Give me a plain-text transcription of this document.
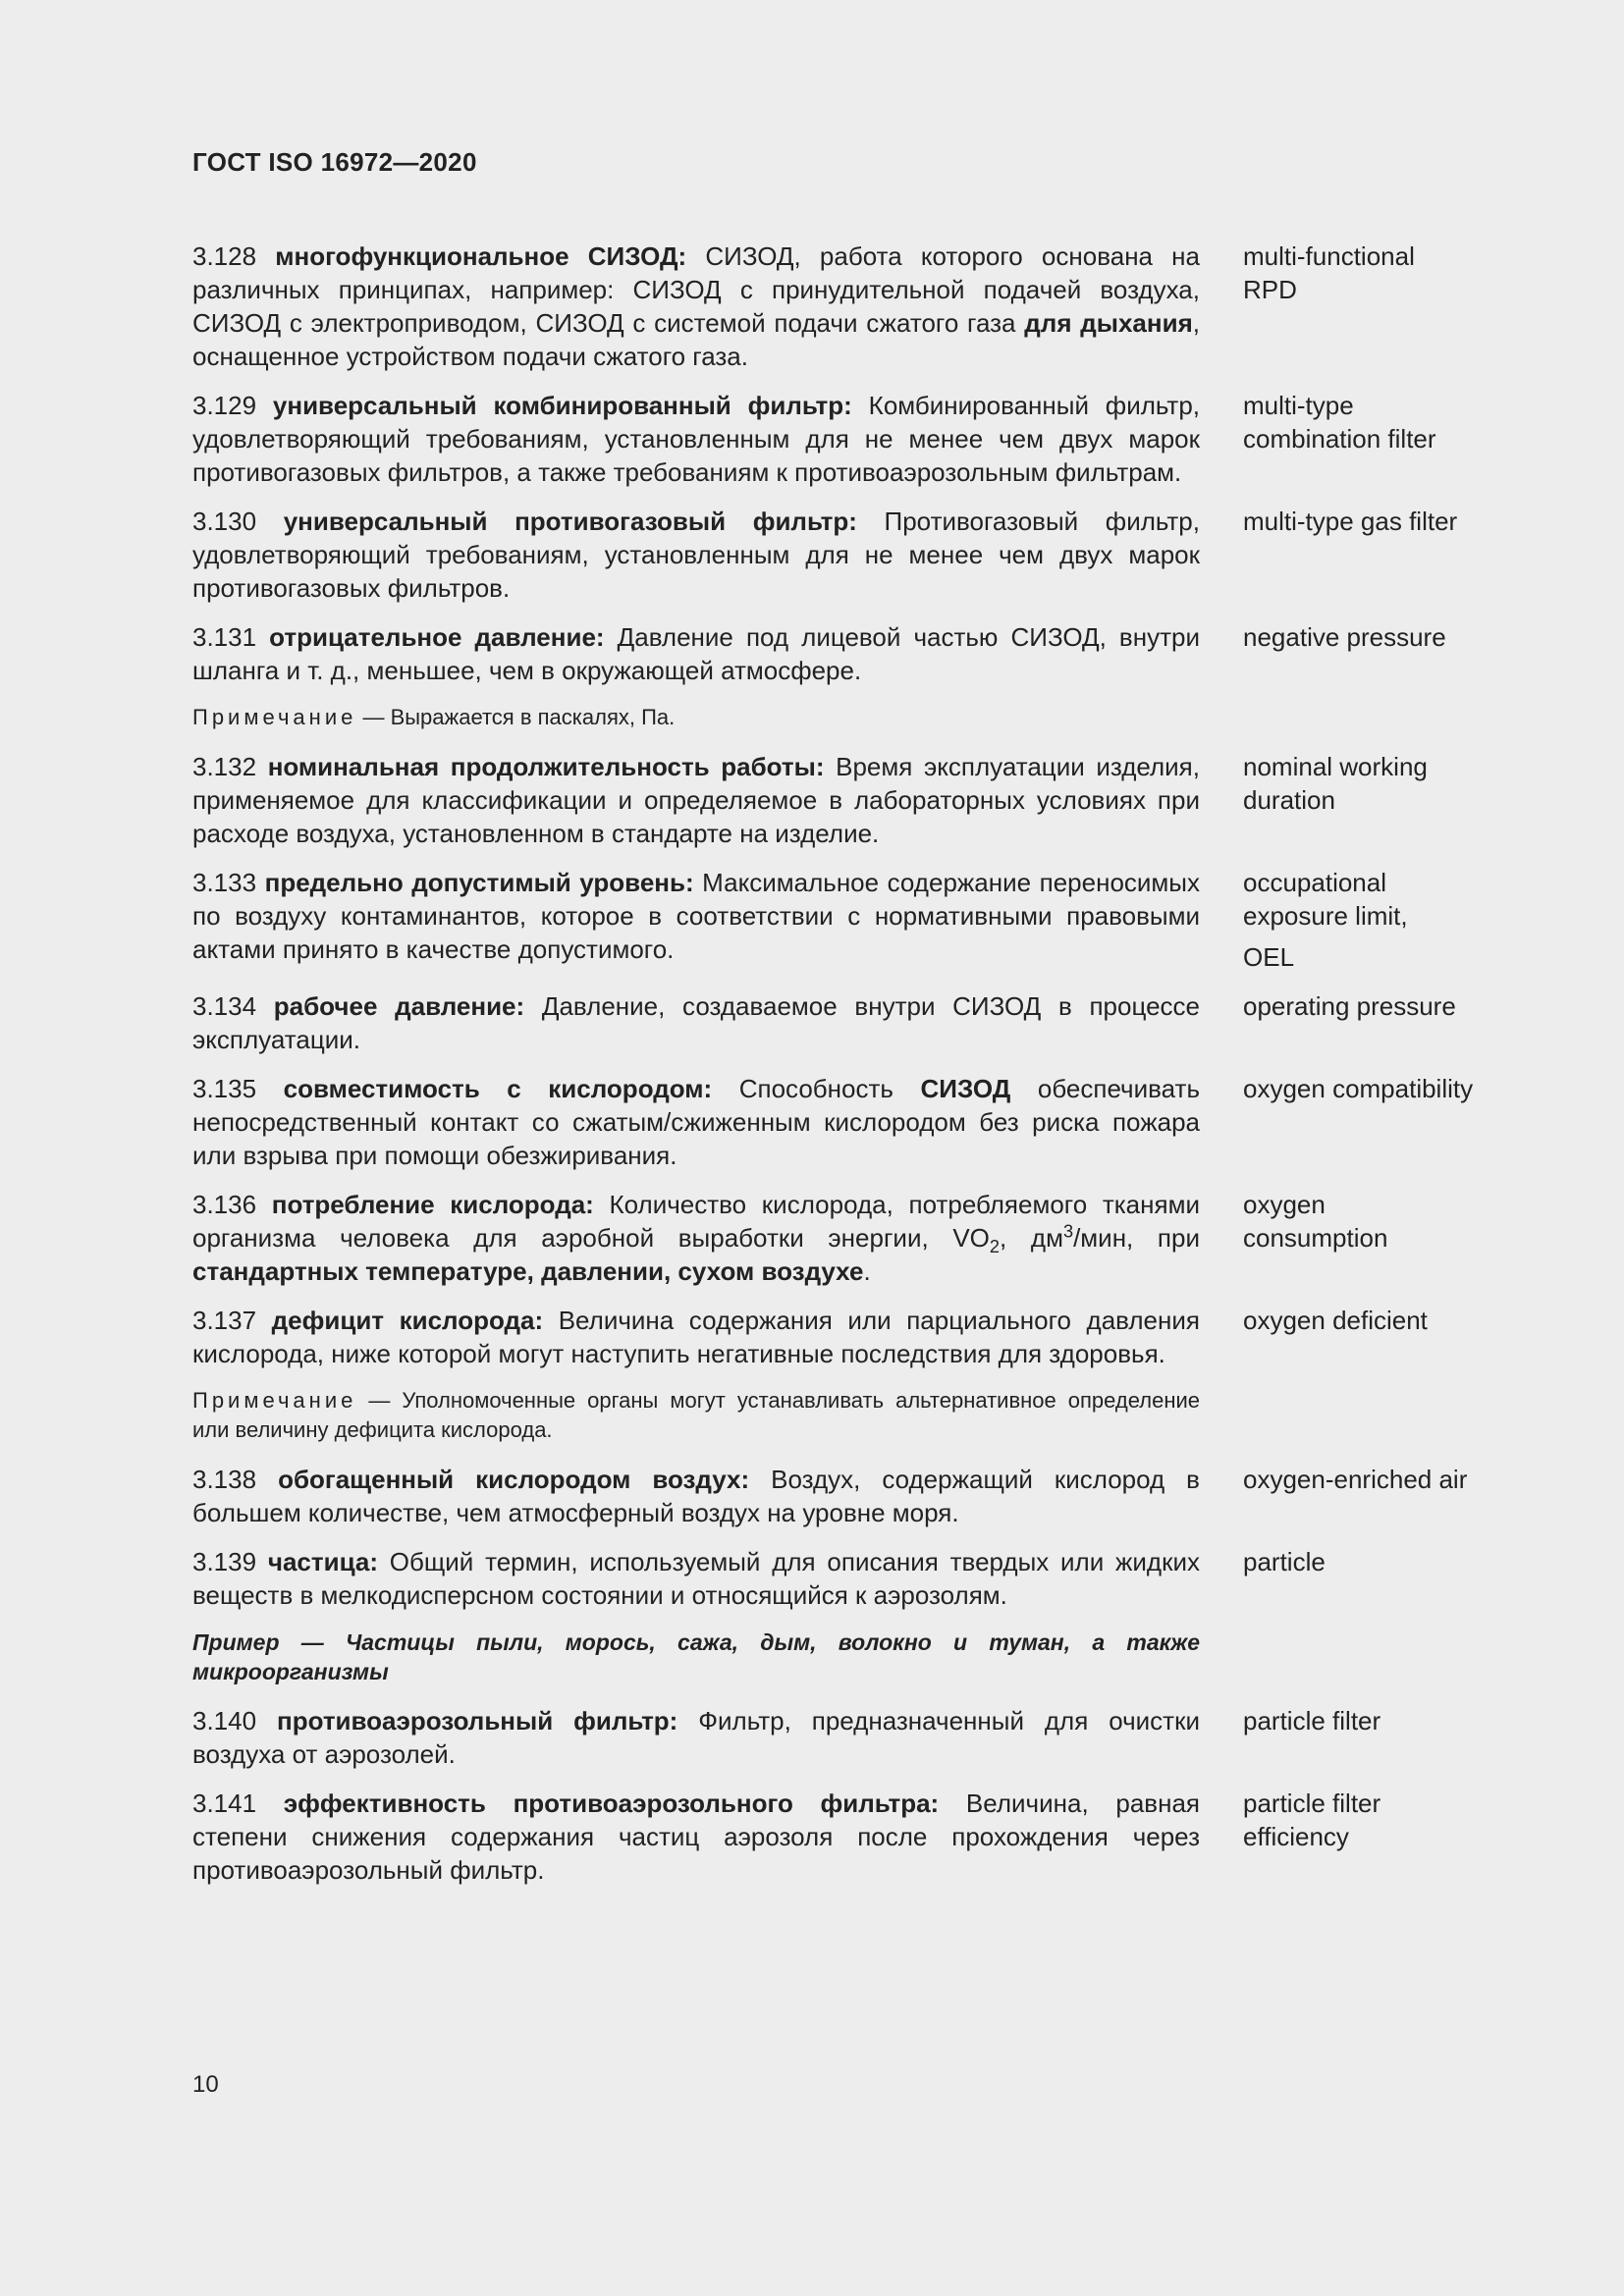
ГОСТ ISO 16972—2020

3.128 многофункциональное СИЗОД: СИЗОД, работа которого основана на различных принципах, например: СИЗОД с принудительной подачей воздуха, СИЗОД с электроприводом, СИЗОД с системой подачи сжатого газа для дыхания, оснащенное устройством подачи сжатого газа.

multi-functional
RPD

3.129 универсальный комбинированный фильтр: Комбинированный фильтр, удовлетворяющий требованиям, установленным для не менее чем двух марок противогазовых фильтров, а также требованиям к противоаэрозольным фильтрам.

multi-type
combination filter

3.130 универсальный противогазовый фильтр: Противогазовый фильтр, удовлетворяющий требованиям, установленным для не менее чем двух марок противогазовых фильтров.

multi-type gas filter

3.131 отрицательное давление: Давление под лицевой частью СИЗОД, внутри шланга и т. д., меньшее, чем в окружающей атмосфере.

negative pressure

Примечание — Выражается в паскалях, Па.

3.132 номинальная продолжительность работы: Время эксплуатации изделия, применяемое для классификации и определяемое в лабораторных условиях при расходе воздуха, установленном в стандарте на изделие.

nominal working
duration

3.133 предельно допустимый уровень: Максимальное содержание переносимых по воздуху контаминантов, которое в соответствии с нормативными правовыми актами принято в качестве допустимого.

occupational
exposure limit,
OEL

3.134 рабочее давление: Давление, создаваемое внутри СИЗОД в процессе эксплуатации.

operating pressure

3.135 совместимость с кислородом: Способность СИЗОД обеспечивать непосредственный контакт со сжатым/сжиженным кислородом без риска пожара или взрыва при помощи обезжиривания.

oxygen compatibility

3.136 потребление кислорода: Количество кислорода, потребляемого тканями организма человека для аэробной выработки энергии, $VO_2$, $дм^3$/мин, при стандартных температуре, давлении, сухом воздухе.

oxygen
consumption

3.137 дефицит кислорода: Величина содержания или парциального давления кислорода, ниже которой могут наступить негативные последствия для здоровья.

oxygen deficient

Примечание — Уполномоченные органы могут устанавливать альтернативное определение или величину дефицита кислорода.

3.138 обогащенный кислородом воздух: Воздух, содержащий кислород в большем количестве, чем атмосферный воздух на уровне моря.

oxygen-enriched air

3.139 частица: Общий термин, используемый для описания твердых или жидких веществ в мелкодисперсном состоянии и относящийся к аэрозолям.

particle

Пример — Частицы пыли, морось, сажа, дым, волокно и туман, а также микроорганизмы

3.140 противоаэрозольный фильтр: Фильтр, предназначенный для очистки воздуха от аэрозолей.

particle filter

3.141 эффективность противоаэрозольного фильтра: Величина, равная степени снижения содержания частиц аэрозоля после прохождения через противоаэрозольный фильтр.

particle filter
efficiency
10
